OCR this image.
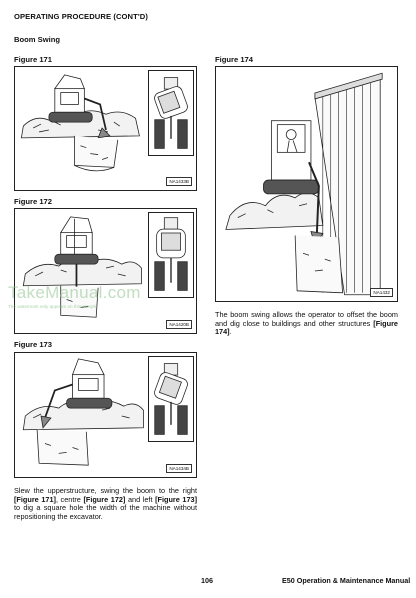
OPERATING PROCEDURE (CONT'D)
Boom Swing
Figure 171
NA1433B
Figure 172
NA1420B
Figure 173
NA1434B
Slew the upperstructure, swing the boom to the right [Figure 171], centre [Figure 172] and left [Figure 173] to dig a square hole the width of the machine without repositioning the excavator.
Figure 174
NA1432
The boom swing allows the operator to offset the boom and dig close to buildings and other structures [Figure 174].
TakeManual.com
The watermark only appears on this sample
106	E50 Operation & Maintenance Manual
